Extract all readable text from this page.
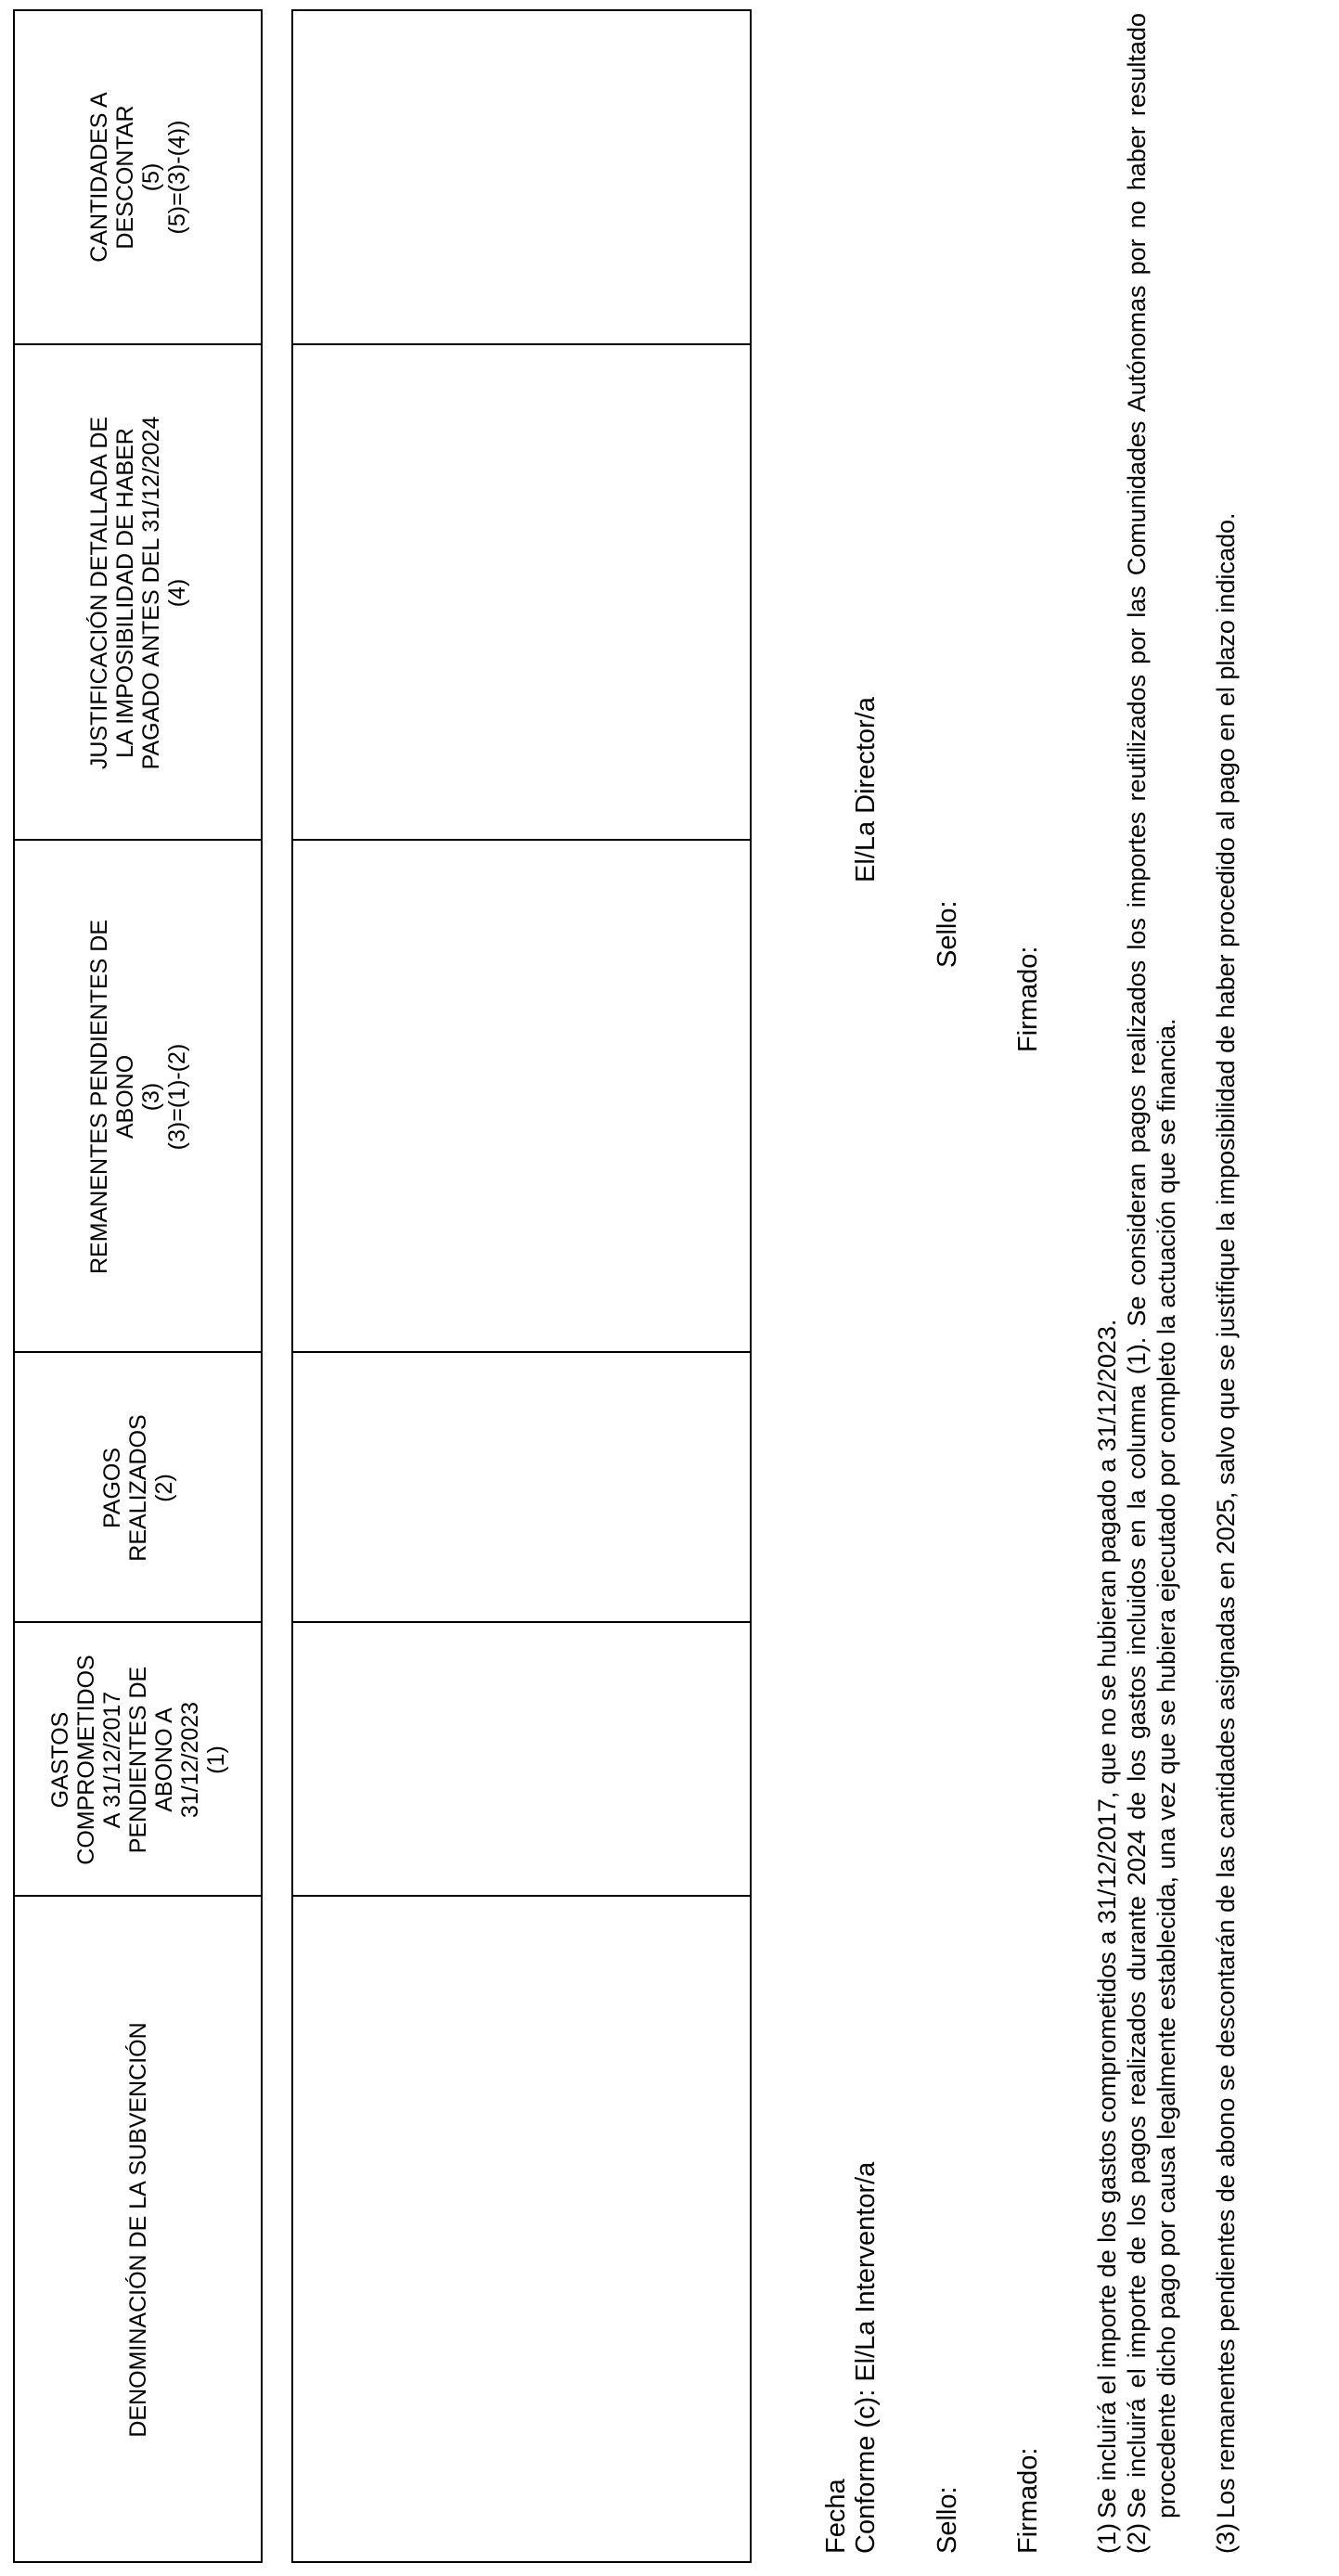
DENOMINACIÓN DE LA SUBVENCIÓN
GASTOS
COMPROMETIDOS
A 31/12/2017
PENDIENTES DE
ABONO A
31/12/2023
(1)
PAGOS
REALIZADOS
(2)
REMANENTES PENDIENTES DE
ABONO
(3)
(3)=(1)-(2)
JUSTIFICACIÓN DETALLADA DE
LA IMPOSIBILIDAD DE HABER
PAGADO ANTES DEL 31/12/2024
(4)
CANTIDADES A
DESCONTAR
(5)
(5)=(3)-(4))
Fecha Conforme (c): El/La Interventor/a
El/La Director/a
Sello:
Sello:
Firmado:
Firmado:
(1)
Se incluirá el importe de los gastos comprometidos a 31/12/2017, que no se hubieran pagado a 31/12/2023.
(2)
Se incluirá el importe de los pagos realizados durante 2024 de los gastos incluidos en la columna (1). Se consideran pagos realizados los importes reutilizados por las Comunidades Autónomas por no haber resultado procedente dicho pago por causa legalmente establecida, una vez que se hubiera ejecutado por completo la actuación que se financia.
(3)
Los remanentes pendientes de abono se descontarán de las cantidades asignadas en 2025, salvo que se justifique la imposibilidad de haber procedido al pago en el plazo indicado.
